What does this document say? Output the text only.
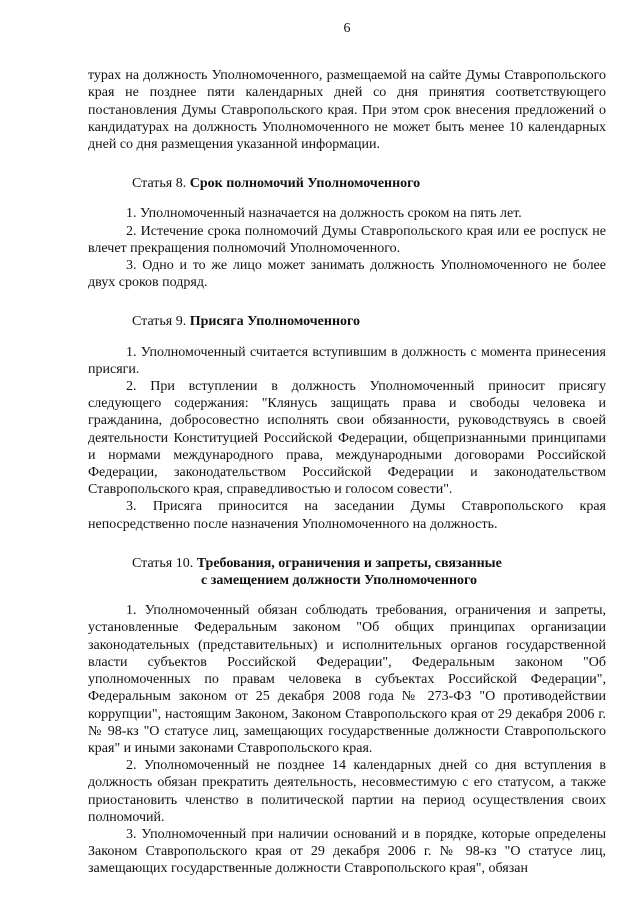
6

турах на должность Уполномоченного, размещаемой на сайте Думы Ставропольского края не позднее пяти календарных дней со дня принятия соответствующего постановления Думы Ставропольского края. При этом срок внесения предложений о кандидатурах на должность Уполномоченного не может быть менее 10 календарных дней со дня размещения указанной информации.

Статья 8. Срок полномочий Уполномоченного

1. Уполномоченный назначается на должность сроком на пять лет.

2. Истечение срока полномочий Думы Ставропольского края или ее роспуск не влечет прекращения полномочий Уполномоченного.

3. Одно и то же лицо может занимать должность Уполномоченного не более двух сроков подряд.

Статья 9. Присяга Уполномоченного

1. Уполномоченный считается вступившим в должность с момента принесения присяги.

2. При вступлении в должность Уполномоченный приносит присягу следующего содержания: "Клянусь защищать права и свободы человека и гражданина, добросовестно исполнять свои обязанности, руководствуясь в своей деятельности Конституцией Российской Федерации, общепризнанными принципами и нормами международного права, международными договорами Российской Федерации, законодательством Российской Федерации и законодательством Ставропольского края, справедливостью и голосом совести".

3. Присяга приносится на заседании Думы Ставропольского края непосредственно после назначения Уполномоченного на должность.

Статья 10. Требования, ограничения и запреты, связанные
с замещением должности Уполномоченного

1. Уполномоченный обязан соблюдать требования, ограничения и запреты, установленные Федеральным законом "Об общих принципах организации законодательных (представительных) и исполнительных органов государственной власти субъектов Российской Федерации", Федеральным законом "Об уполномоченных по правам человека в субъектах Российской Федерации", Федеральным законом от 25 декабря 2008 года № 273-ФЗ "О противодействии коррупции", настоящим Законом, Законом Ставропольского края от 29 декабря 2006 г. № 98-кз "О статусе лиц, замещающих государственные должности Ставропольского края" и иными законами Ставропольского края.

2. Уполномоченный не позднее 14 календарных дней со дня вступления в должность обязан прекратить деятельность, несовместимую с его статусом, а также приостановить членство в политической партии на период осуществления своих полномочий.

3. Уполномоченный при наличии оснований и в порядке, которые определены Законом Ставропольского края от 29 декабря 2006 г. № 98-кз "О статусе лиц, замещающих государственные должности Ставропольского края", обязан
